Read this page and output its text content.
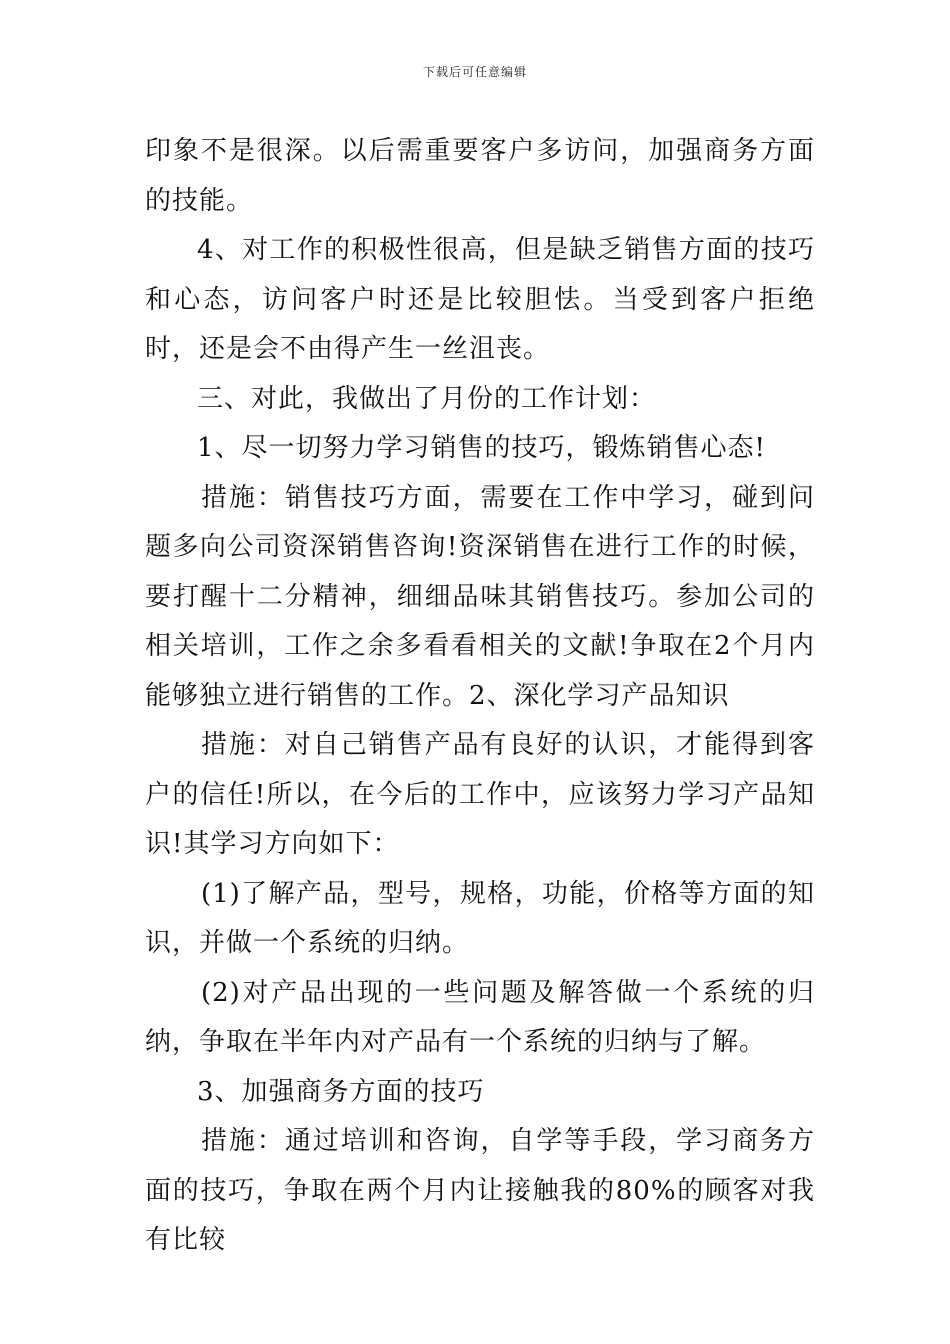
下载后可任意编辑

印象不是很深。以后需重要客户多访问，加强商务方面的技能。

4、对工作的积极性很高，但是缺乏销售方面的技巧和心态，访问客户时还是比较胆怯。当受到客户拒绝时，还是会不由得产生一丝沮丧。

三、对此，我做出了月份的工作计划：

1、尽一切努力学习销售的技巧，锻炼销售心态!

措施：销售技巧方面，需要在工作中学习，碰到问题多向公司资深销售咨询!资深销售在进行工作的时候，要打醒十二分精神，细细品味其销售技巧。参加公司的相关培训，工作之余多看看相关的文献!争取在2个月内能够独立进行销售的工作。2、深化学习产品知识

措施：对自己销售产品有良好的认识，才能得到客户的信任!所以，在今后的工作中，应该努力学习产品知识!其学习方向如下：

(1)了解产品，型号，规格，功能，价格等方面的知识，并做一个系统的归纳。

(2)对产品出现的一些问题及解答做一个系统的归纳，争取在半年内对产品有一个系统的归纳与了解。

3、加强商务方面的技巧

措施：通过培训和咨询，自学等手段，学习商务方面的技巧，争取在两个月内让接触我的80%的顾客对我有比较
